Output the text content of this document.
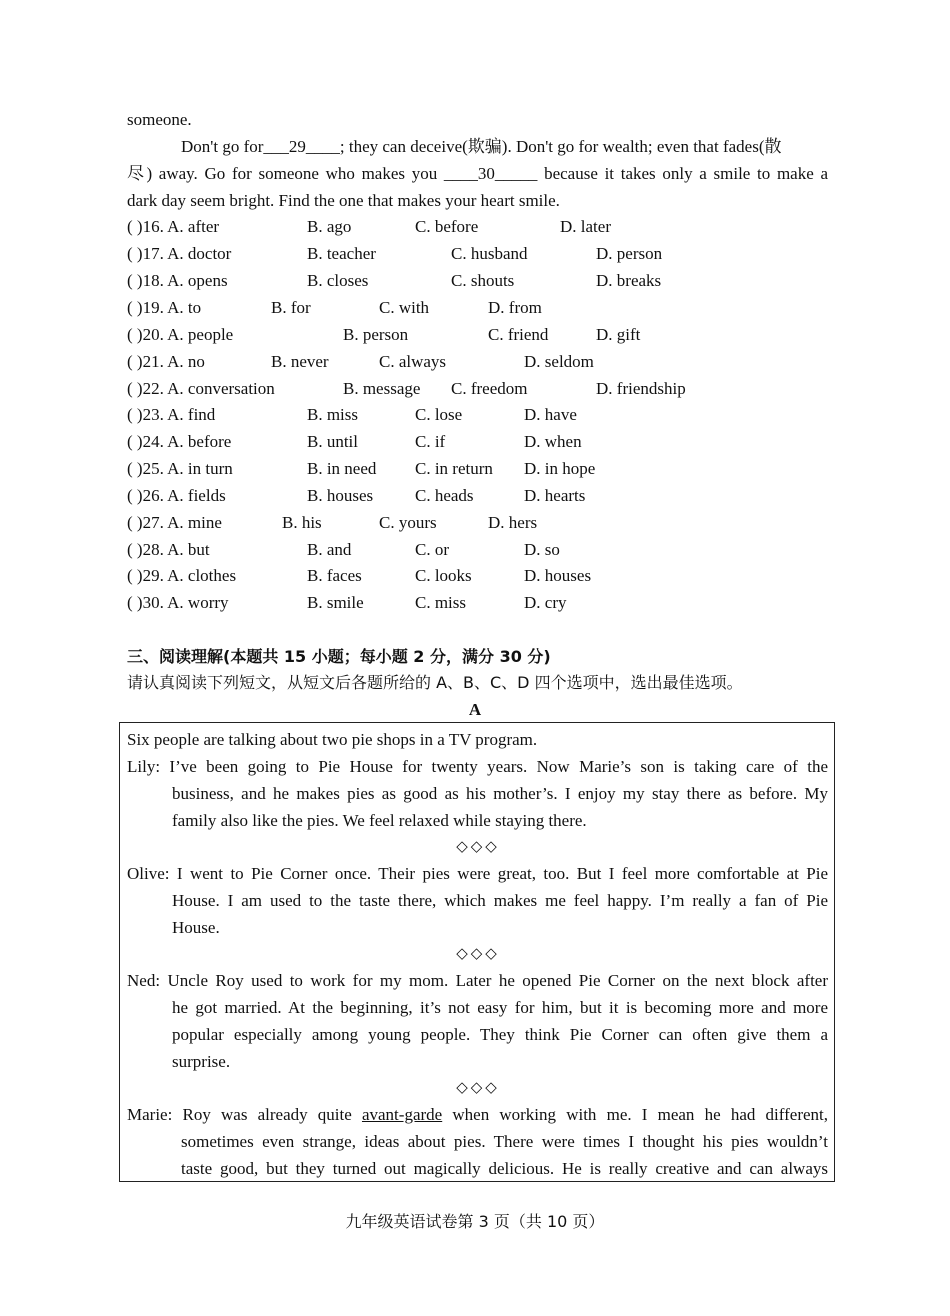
someone.
Don't go for___29____; they can deceive(欺骗). Don't go for wealth; even that fades(散
尽) away. Go for someone who makes you ____30_____ because it takes only a smile to make a
dark day seem bright. Find the one that makes your heart smile.
( )16. A. after	B. ago	C. before	D. later
( )17. A. doctor	B. teacher	C. husband	D. person
( )18. A. opens	B. closes	C. shouts	D. breaks
( )19. A. to	B. for	C. with	D. from
( )20. A. people	B. person	C. friend	D. gift
( )21. A. no	B. never	C. always	D. seldom
( )22. A. conversation	B. message C. freedom	D. friendship
( )23. A. find	B. miss	C. lose	D. have
( )24. A. before	B. until	C. if	D. when
( )25. A. in turn	B. in need C. in return D. in hope
( )26. A. fields	B. houses C. heads	D. hearts
( )27. A. mine	B. his	C. yours	D. hers
( )28. A. but	B. and	C. or	D. so
( )29. A. clothes	B. faces	C. looks	D. houses
( )30. A. worry	B. smile	C. miss	D. cry
三、阅读理解(本题共 15 小题；每小题 2 分，满分 30 分)
请认真阅读下列短文，从短文后各题所给的 A、B、C、D 四个选项中，选出最佳选项。
A
Six people are talking about two pie shops in a TV program.
Lily: I’ve been going to Pie House for twenty years. Now Marie’s son is taking care of the
business, and he makes pies as good as his mother’s. I enjoy my stay there as before. My
family also like the pies. We feel relaxed while staying there.
◇◇◇
Olive: I went to Pie Corner once. Their pies were great, too. But I feel more comfortable at Pie
House. I am used to the taste there, which makes me feel happy. I’m really a fan of Pie
House.
◇◇◇
Ned: Uncle Roy used to work for my mom. Later he opened Pie Corner on the next block after
he got married. At the beginning, it’s not easy for him, but it is becoming more and more
popular especially among young people. They think Pie Corner can often give them a
surprise.
◇◇◇
Marie: Roy was already quite avant-garde when working with me. I mean he had different,
sometimes even strange, ideas about pies. There were times I thought his pies wouldn’t
taste good, but they turned out magically delicious. He is really creative and can always
九年级英语试卷第 3 页（共 10 页）
